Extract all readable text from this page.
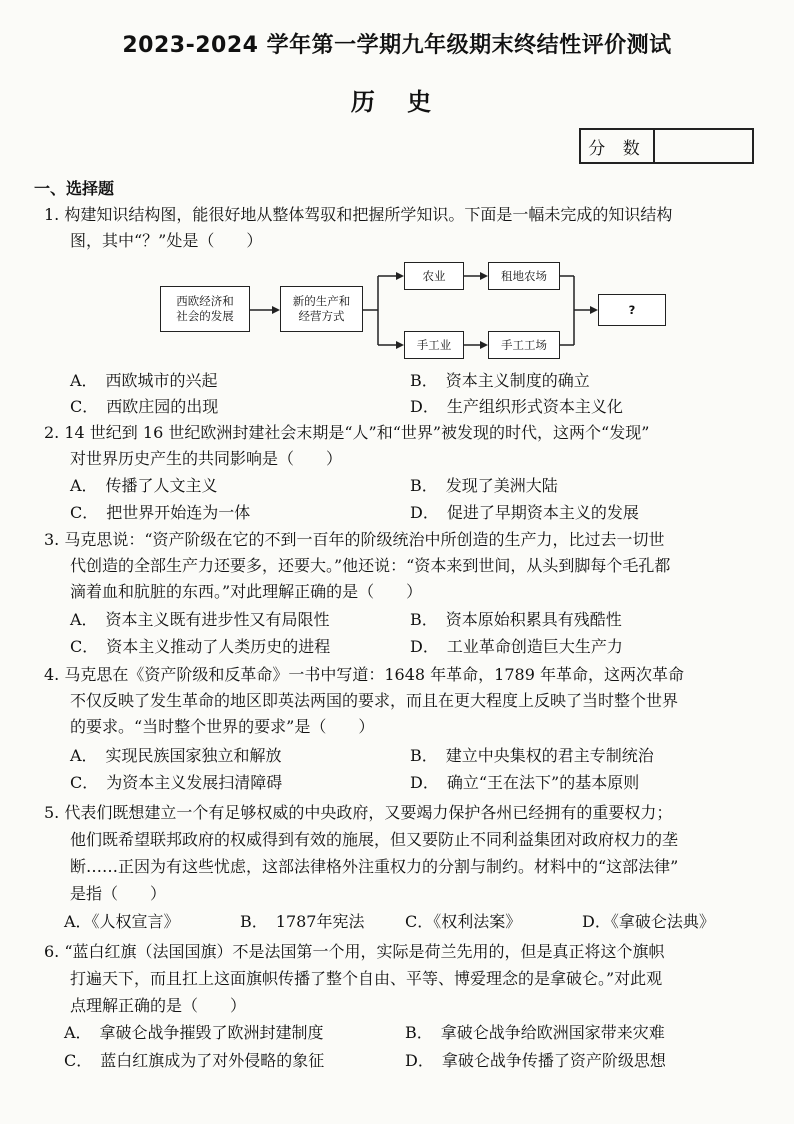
2023-2024 学年第一学期九年级期末终结性评价测试
历 史
分 数
一、选择题
1. 构建知识结构图，能很好地从整体驾驭和把握所学知识。下面是一幅未完成的知识结构
图，其中“？”处是（　　）
西欧经济和社会的发展
新的生产和经营方式
农业	租地农场
手工业	手工工场
?
A．　西欧城市的兴起	B．　资本主义制度的确立
C．　西欧庄园的出现	D．　生产组织形式资本主义化
2. 14 世纪到 16 世纪欧洲封建社会末期是“人”和“世界”被发现的时代，这两个“发现”
对世界历史产生的共同影响是（　　）
A．　传播了人文主义	B．　发现了美洲大陆
C．　把世界开始连为一体	D．　促进了早期资本主义的发展
3. 马克思说：“资产阶级在它的不到一百年的阶级统治中所创造的生产力，比过去一切世
代创造的全部生产力还要多，还要大。”他还说：“资本来到世间，从头到脚每个毛孔都
滴着血和肮脏的东西。”对此理解正确的是（　　）
A．　资本主义既有进步性又有局限性	B．　资本原始积累具有残酷性
C．　资本主义推动了人类历史的进程	D．　工业革命创造巨大生产力
4. 马克思在《资产阶级和反革命》一书中写道：1648 年革命，1789 年革命，这两次革命
不仅反映了发生革命的地区即英法两国的要求，而且在更大程度上反映了当时整个世界
的要求。“当时整个世界的要求”是（　　）
A．　实现民族国家独立和解放	B．　建立中央集权的君主专制统治
C．　为资本主义发展扫清障碍	D．　确立“王在法下”的基本原则
5. 代表们既想建立一个有足够权威的中央政府，又要竭力保护各州已经拥有的重要权力；
他们既希望联邦政府的权威得到有效的施展，但又要防止不同利益集团对政府权力的垄
断……正因为有这些忧虑，这部法律格外注重权力的分割与制约。材料中的“这部法律”
是指（　　）
A．《人权宣言》	B．　1787年宪法	C．《权利法案》	D．《拿破仑法典》
6. “蓝白红旗（法国国旗）不是法国第一个用，实际是荷兰先用的，但是真正将这个旗帜
打遍天下，而且扛上这面旗帜传播了整个自由、平等、博爱理念的是拿破仑。”对此观
点理解正确的是（　　）
A．　拿破仑战争摧毁了欧洲封建制度	B．　拿破仑战争给欧洲国家带来灾难
C．　蓝白红旗成为了对外侵略的象征	D．　拿破仑战争传播了资产阶级思想
